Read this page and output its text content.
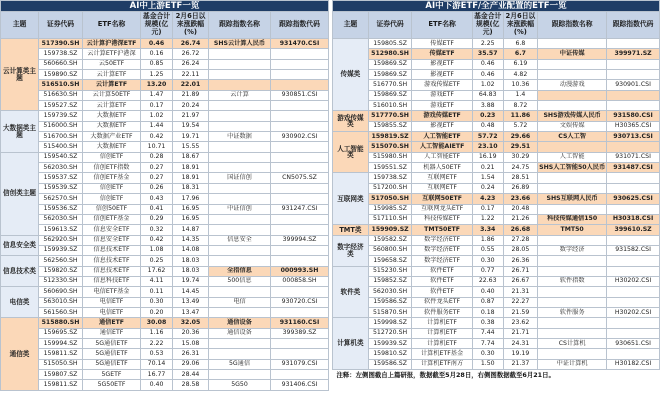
AI中上游ETF一览						
主题	证券代码	ETF名称	基金合计规模(亿元)	2月6日以来涨跌幅(%)	跟踪指数名称	跟踪指数代码
云计算类主题	517390.SH	云计算沪港深ETF	0.46	26.74	SHS云计算人民币	931470.CSI
	159738.SZ	云计算ETF沪港深	0.16	26.72		
	560660.SH	云50ETF	0.85	26.24		
	159890.SZ	云计算ETF	1.25	22.11		
	516510.SH	云计算ETF	13.20	22.01		
	516630.SH	云计算50ETF	1.47	21.89	云计算	930851.CSI
	159527.SZ	云计算ETF	0.17	20.24		
大数据类主题	159739.SZ	大数据ETF	1.02	21.97		
	516000.SH	大数据ETF	1.44	19.54		
	516700.SH	大数据产业ETF	0.42	19.71	中证数据	930902.CSI
	515400.SH	大数据ETF	10.71	15.55		
信创类主题	159540.SZ	信创ETF	0.28	18.67		
	562030.SH	信创ETF指数	0.27	18.91		
	159537.SZ	信创ETF基金	0.27	18.91	国证信创	CN5075.SZ
	159539.SZ	信创ETF	0.26	18.31		
	562570.SH	信创ETF	0.43	17.96		
	159536.SZ	信创50ETF	0.41	16.95	中证信创	931247.CSI
	562030.SH	信创ETF基金	0.29	16.95		
	159613.SZ	信息安全ETF	0.32	14.87		
信息安全类	562920.SH	信息安全ETF	0.42	14.35	信息安全	399994.SZ
	159939.SZ	信息技术ETF	1.08	14.08		
信息技术类	562560.SH	信息技术ETF	0.25	18.03		
	159820.SZ	信息技术ETF	17.62	18.03	全指信息	000993.SH
	512330.SH	信息科技ETF	4.11	19.74	500信息	000858.SH
电信类	560690.SH	电信ETF基金	0.11	14.45		
	563010.SH	电信ETF	0.30	13.49	电信	930720.CSI
	561560.SH	电信ETF	0.20	13.47		
通信类	515880.SH	通信ETF	30.08	32.05	通信设备	931160.CSI
	159695.SZ	通信ETF	1.16	20.36	通信设备	399389.SZ
	159994.SZ	5G通信ETF	2.22	15.08		
	159811.SZ	5G通信ETF	0.53	26.31		
	515050.SH	5G通信ETF	70.14	29.06	5G通信	931079.CSI
	159807.SZ	5GETF	16.77	28.44		
	159811.SZ	5G50ETF	0.40	28.58	5G50	931406.CSI
AI中下游ETF/全产业配置的ETF一览						
主题	证券代码	ETF名称	基金合计规模(亿元)	2月6日以来涨跌幅(%)	跟踪指数名称	跟踪指数代码
传媒类	159805.SZ	传媒ETF	2.25	6.8		
	512980.SH	传媒ETF	35.57	6.7	中证传媒	399971.SZ
	159869.SZ	影视ETF	0.46	6.19		
	159869.SZ	影视ETF	0.46	4.82		
	516770.SH	游戏传媒ETF	1.02	10.36	动漫游戏	930901.CSI
	159869.SZ	游戏ETF	64.83	1.4		
	516010.SH	游戏ETF	3.88	8.72		
游戏传媒类	517770.SH	游戏传媒ETF	0.23	11.86	SHS游戏传媒人民币	931580.CSI
	159855.SZ	影视ETF	0.48	5.72	文娱传媒	H30365.CSI
人工智能类	159819.SZ	人工智能ETF	57.72	29.66	CS人工智	930713.CSI
	515070.SH	人工智能AIETF	23.10	29.51		
	515980.SH	人工智能ETF	16.19	30.29	人工智能	931071.CSI
	159551.SZ	机器人50ETF	0.21	24.75	SHS人工智能50人民币	931487.CSI
互联网类	159738.SZ	互联网ETF	1.54	28.51		
	517200.SH	互联网ETF	0.24	26.89		
	517050.SH	互联网50ETF	4.23	23.66	SHS互联网人民币	930625.CSI
	159985.SZ	互联网龙头ETF	0.17	20.48		
	517110.SH	科技传媒ETF	1.22	21.26	科技传媒通信150	H30318.CSI
TMT类	159909.SZ	TMT50ETF	3.34	26.68	TMT50	399610.SZ
数字经济类	159582.SZ	数字经济ETF	1.86	27.28		
	560800.SH	数字经济ETF	0.55	28.05	数字经济	931582.CSI
	159658.SZ	数字经济ETF	0.30	26.36		
软件类	515230.SH	软件ETF	0.77	26.71		
	159852.SZ	软件ETF	22.63	26.67	软件指数	H30202.CSI
	562030.SH	软件ETF	0.40	21.31		
	159586.SZ	软件龙头ETF	0.87	22.27		
	515870.SH	软件服务ETF	0.18	21.59	软件服务	H30202.CSI
计算机类	159998.SZ	计算机ETF	0.38	23.62		
	512720.SH	计算机ETF	7.44	21.71		
	159939.SZ	计算机ETF	7.74	24.31	CS计算机	930651.CSI
	159810.SZ	计算机ETF基金	0.30	19.19		
	159586.SZ	计算机ETF南方	1.50	21.37	中证计算机	H30182.CSI
注释：左侧图截自上篇研报，数据截至5月28日，右侧图数据截至6月21日。						
